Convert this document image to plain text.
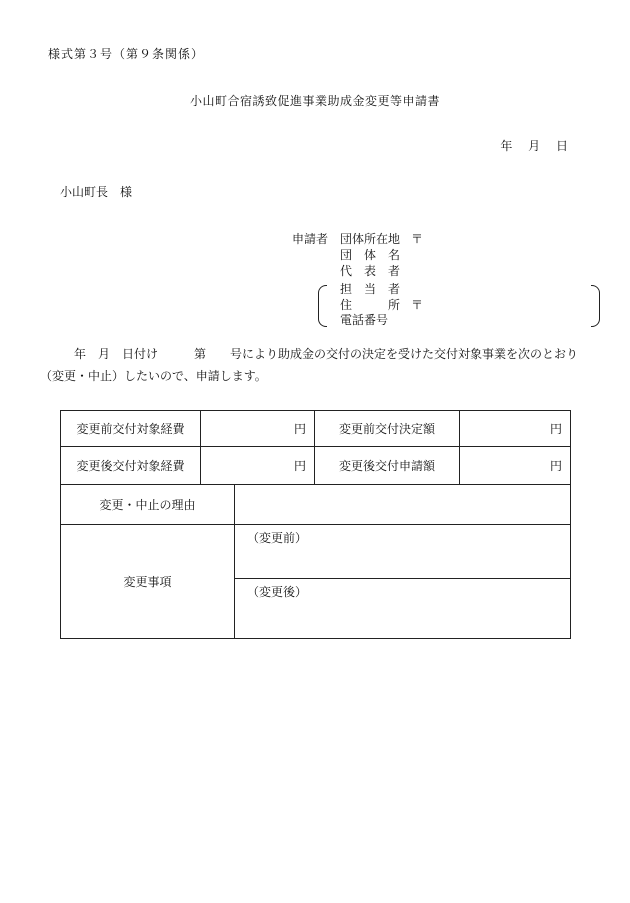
様式第３号（第９条関係）
小山町合宿誘致促進事業助成金変更等申請書
年 月 日
小山町長　様
申請者 団体所在地 〒
団　体　名
代　表　者
担　当　者
住　　　所 〒
電話番号
年　月　日付け　　　第　　号により助成金の交付の決定を受けた交付対象事業を次のとおり
（変更・中止）したいので、申請します。
変更前交付対象経費	円		変更前交付決定額	円
変更後交付対象経費	円		変更後交付申請額	円
変更・中止の理由				
変更事項		（変更前）		
		（変更後）		
